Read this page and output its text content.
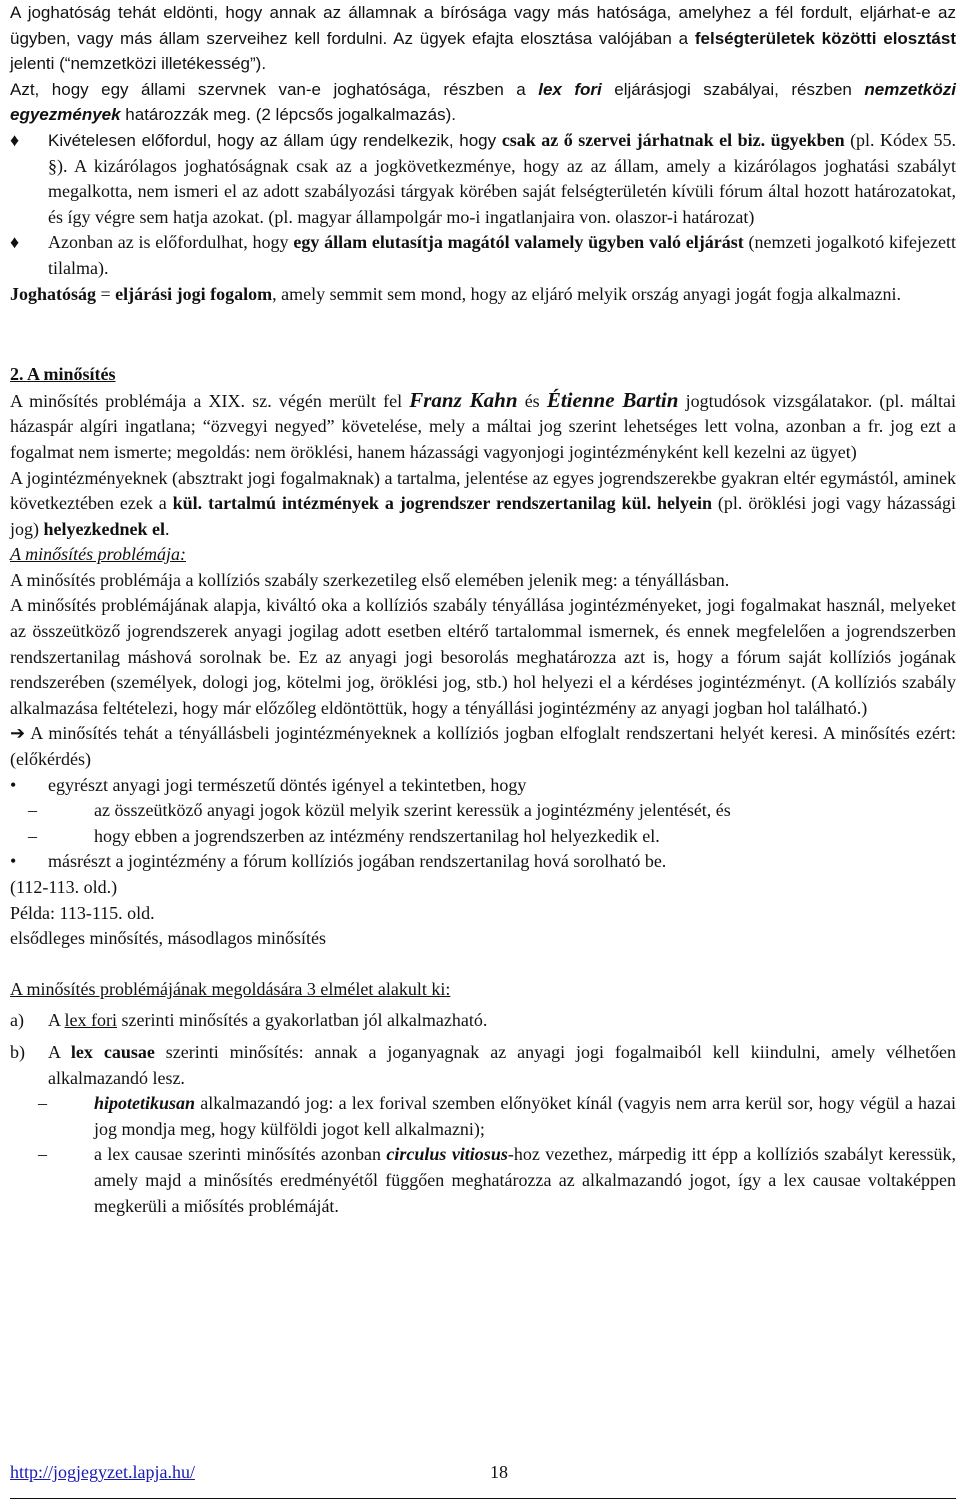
A joghatóság tehát eldönti, hogy annak az államnak a bírósága vagy más hatósága, amelyhez a fél fordult, eljárhat-e az ügyben, vagy más állam szerveihez kell fordulni. Az ügyek efajta elosztása valójában a felségterületek közötti elosztást jelenti (“nemzetközi illetékesség”).
Azt, hogy egy állami szervnek van-e joghatósága, részben a lex fori eljárásjogi szabályai, részben nemzetközi egyezmények határozzák meg. (2 lépcsős jogalkalmazás).
♦ Kivételesen előfordul, hogy az állam úgy rendelkezik, hogy csak az ő szervei járhatnak el biz. ügyekben (pl. Kódex 55. §). A kizárólagos joghatóságnak csak az a jogkövetkezménye, hogy az az állam, amely a kizárólagos joghatási szabályt megalkotta, nem ismeri el az adott szabályozási tárgyak körében saját felségterületén kívüli fórum által hozott határozatokat, és így végre sem hatja azokat. (pl. magyar állampolgár mo-i ingatlanjaira von. olaszor-i határozat)
♦ Azonban az is előfordulhat, hogy egy állam elutasítja magától valamely ügyben való eljárást (nemzeti jogalkotó kifejezett tilalma).
Joghatóság = eljárási jogi fogalom, amely semmit sem mond, hogy az eljáró melyik ország anyagi jogát fogja alkalmazni.
2. A minősítés
A minősítés problémája a XIX. sz. végén merült fel Franz Kahn és Étienne Bartin jogtudósok vizsgálatakor. (pl. máltai házaspár algíri ingatlana; “özvegyi negyed” követelése, mely a máltai jog szerint lehetséges lett volna, azonban a fr. jog ezt a fogalmat nem ismerte; megoldás: nem öröklési, hanem házassági vagyonjogi jogintézményként kell kezelni az ügyet)
A jogintézményeknek (absztrakt jogi fogalmaknak) a tartalma, jelentése az egyes jogrendszerekbe gyakran eltér egymástól, aminek következtében ezek a kül. tartalmú intézmények a jogrendszer rendszertanilag kül. helyein (pl. öröklési jogi vagy házassági jog) helyezkednek el.
A minősítés problémája:
A minősítés problémája a kollíziós szabály szerkezetileg első elemében jelenik meg: a tényállásban.
A minősítés problémájának alapja, kiváltó oka a kollíziós szabály tényállása jogintézményeket, jogi fogalmakat használ, melyeket az összeütköző jogrendszerek anyagi jogilag adott esetben eltérő tartalommal ismernek, és ennek megfelelően a jogrendszerben rendszertanilag máshová sorolnak be. Ez az anyagi jogi besorolás meghatározza azt is, hogy a fórum saját kollíziós jogának rendszerében (személyek, dologi jog, kötelmi jog, öröklési jog, stb.) hol helyezi el a kérdéses jogintézményt. (A kollíziós szabály alkalmazása feltételezi, hogy már előzőleg eldöntöttük, hogy a tényállási jogintézmény az anyagi jogban hol található.)
➔ A minősítés tehát a tényállásbeli jogintézményeknek a kollíziós jogban elfoglalt rendszertani helyét keresi. A minősítés ezért: (előkérdés)
• egyrészt anyagi jogi természetű döntés igényel a tekintetben, hogy
–	az összeütköző anyagi jogok közül melyik szerint keressük a jogintézmény jelentését, és
–	hogy ebben a jogrendszerben az intézmény rendszertanilag hol helyezkedik el.
• másrészt a jogintézmény a fórum kollíziós jogában rendszertanilag hová sorolható be.
(112-113. old.)
Példa: 113-115. old.
elsődleges minősítés, másodlagos minősítés
A minősítés problémájának megoldására 3 elmélet alakult ki:
a) A lex fori szerinti minősítés a gyakorlatban jól alkalmazható.
b) A lex causae szerinti minősítés: annak a joganyagnak az anyagi jogi fogalmaiból kell kiindulni, amely vélhetően alkalmazandó lesz.
–	hipotetikusan alkalmazandó jog: a lex forival szemben előnyöket kínál (vagyis nem arra kerül sor, hogy végül a hazai jog mondja meg, hogy külföldi jogot kell alkalmazni);
–	a lex causae szerinti minősítés azonban circulus vitiosus-hoz vezethez, márpedig itt épp a kollíziós szabályt keressük, amely majd a minősítés eredményétől függően meghatározza az alkalmazandó jogot, így a lex causae voltaképpen megkerüli a miősítés problémáját.
http://jogjegyzet.lapja.hu/	18
